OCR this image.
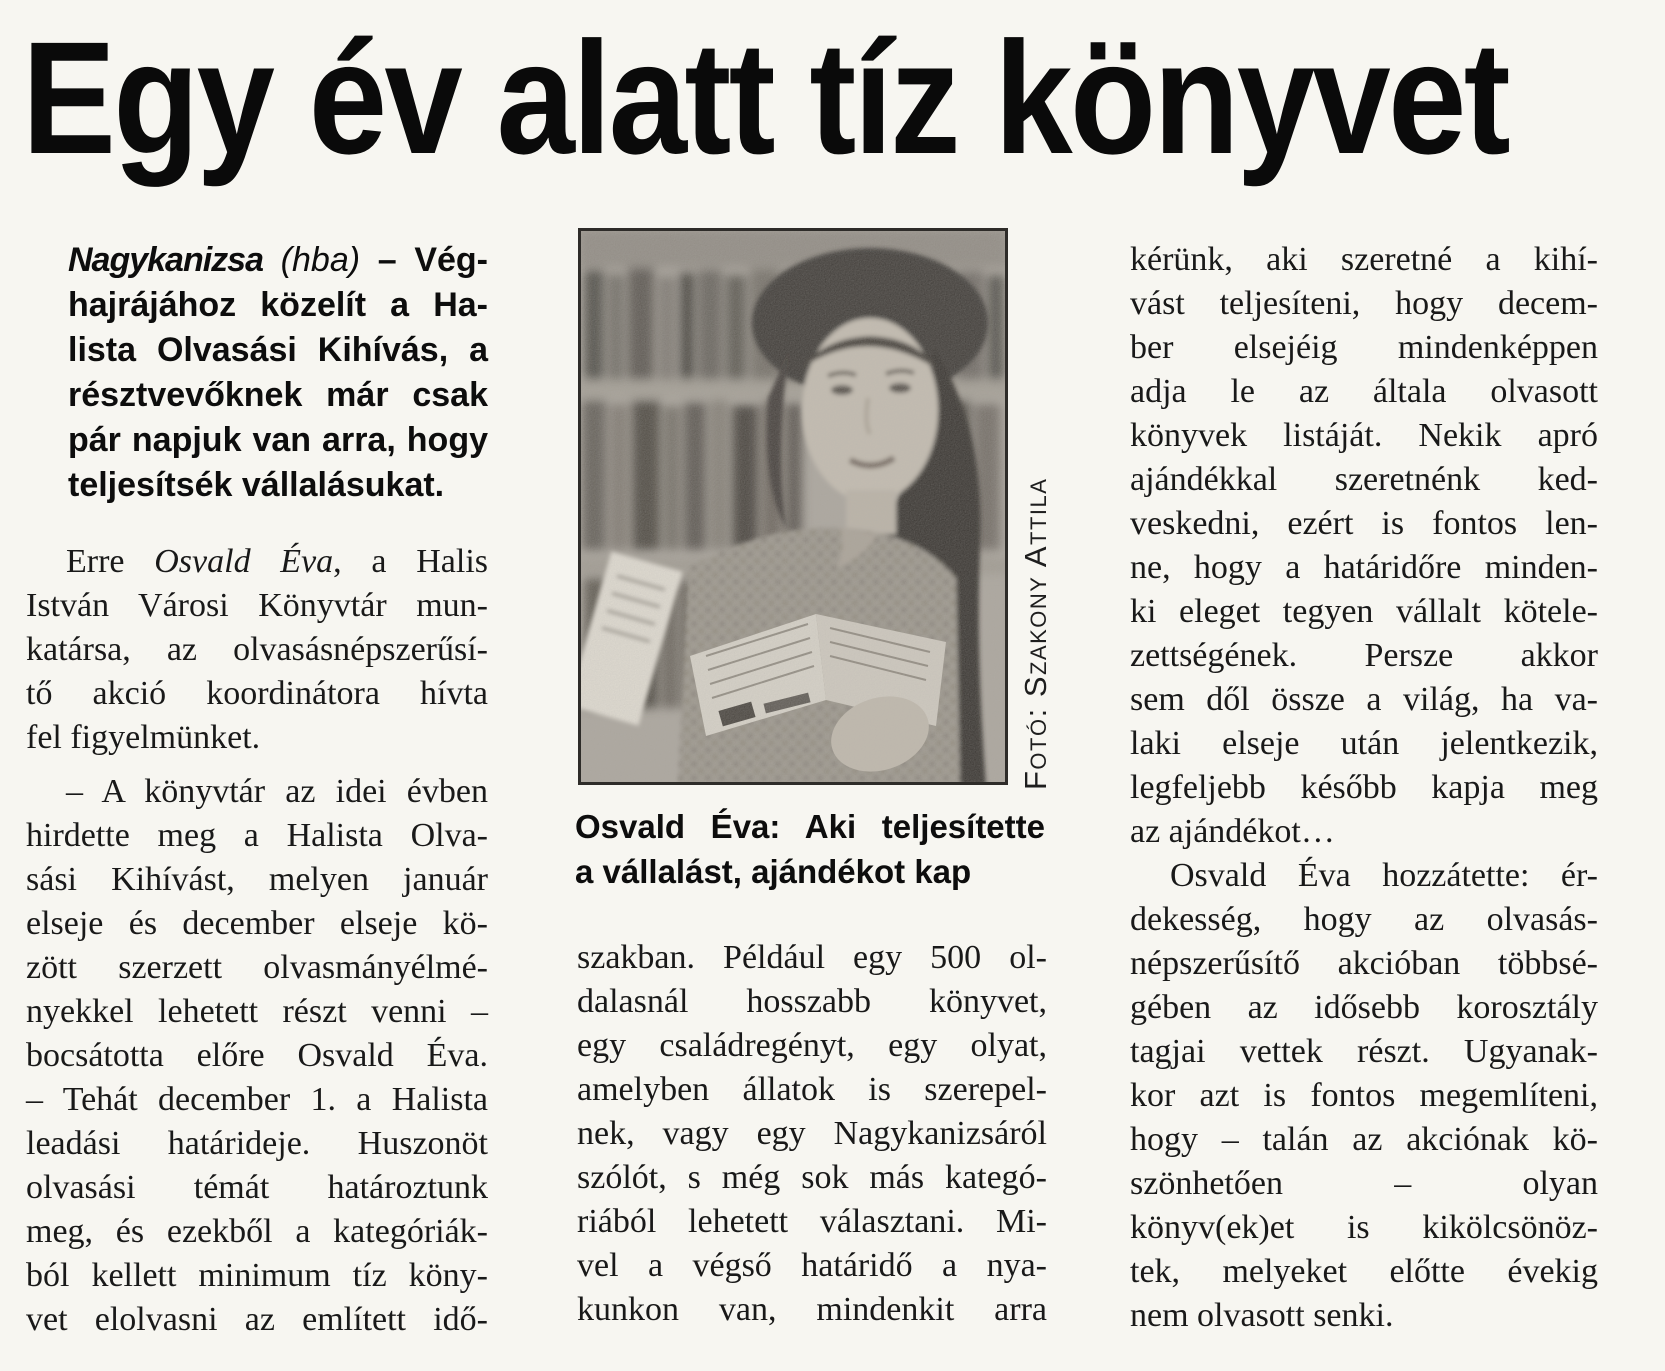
Egy év alatt tíz könyvet
Nagykanizsa (hba) – Vég-
hajrájához közelít a Ha-
lista Olvasási Kihívás, a
résztvevőknek már csak
pár napjuk van arra, hogy
teljesítsék vállalásukat.
Erre Osvald Éva, a Halis
István Városi Könyvtár mun-
katársa, az olvasásnépszerűsí-
tő akció koordinátora hívta
fel figyelmünket.
– A könyvtár az idei évben
hirdette meg a Halista Olva-
sási Kihívást, melyen január
elseje és december elseje kö-
zött szerzett olvasmányélmé-
nyekkel lehetett részt venni –
bocsátotta előre Osvald Éva.
– Tehát december 1. a Halista
leadási határideje. Huszonöt
olvasási témát határoztunk
meg, és ezekből a kategóriák-
ból kellett minimum tíz köny-
vet elolvasni az említett idő-
Fotó: Szakony Attila
Osvald Éva: Aki teljesítette
a vállalást, ajándékot kap
szakban. Például egy 500 ol-
dalasnál hosszabb könyvet,
egy családregényt, egy olyat,
amelyben állatok is szerepel-
nek, vagy egy Nagykanizsáról
szólót, s még sok más kategó-
riából lehetett választani. Mi-
vel a végső határidő a nya-
kunkon van, mindenkit arra
kérünk, aki szeretné a kihí-
vást teljesíteni, hogy decem-
ber elsejéig mindenképpen
adja le az általa olvasott
könyvek listáját. Nekik apró
ajándékkal szeretnénk ked-
veskedni, ezért is fontos len-
ne, hogy a határidőre minden-
ki eleget tegyen vállalt kötele-
zettségének. Persze akkor
sem dől össze a világ, ha va-
laki elseje után jelentkezik,
legfeljebb később kapja meg
az ajándékot…
Osvald Éva hozzátette: ér-
dekesség, hogy az olvasás-
népszerűsítő akcióban többsé-
gében az idősebb korosztály
tagjai vettek részt. Ugyanak-
kor azt is fontos megemlíteni,
hogy – talán az akciónak kö-
szönhetően – olyan
könyv(ek)et is kikölcsönöz-
tek, melyeket előtte évekig
nem olvasott senki.
